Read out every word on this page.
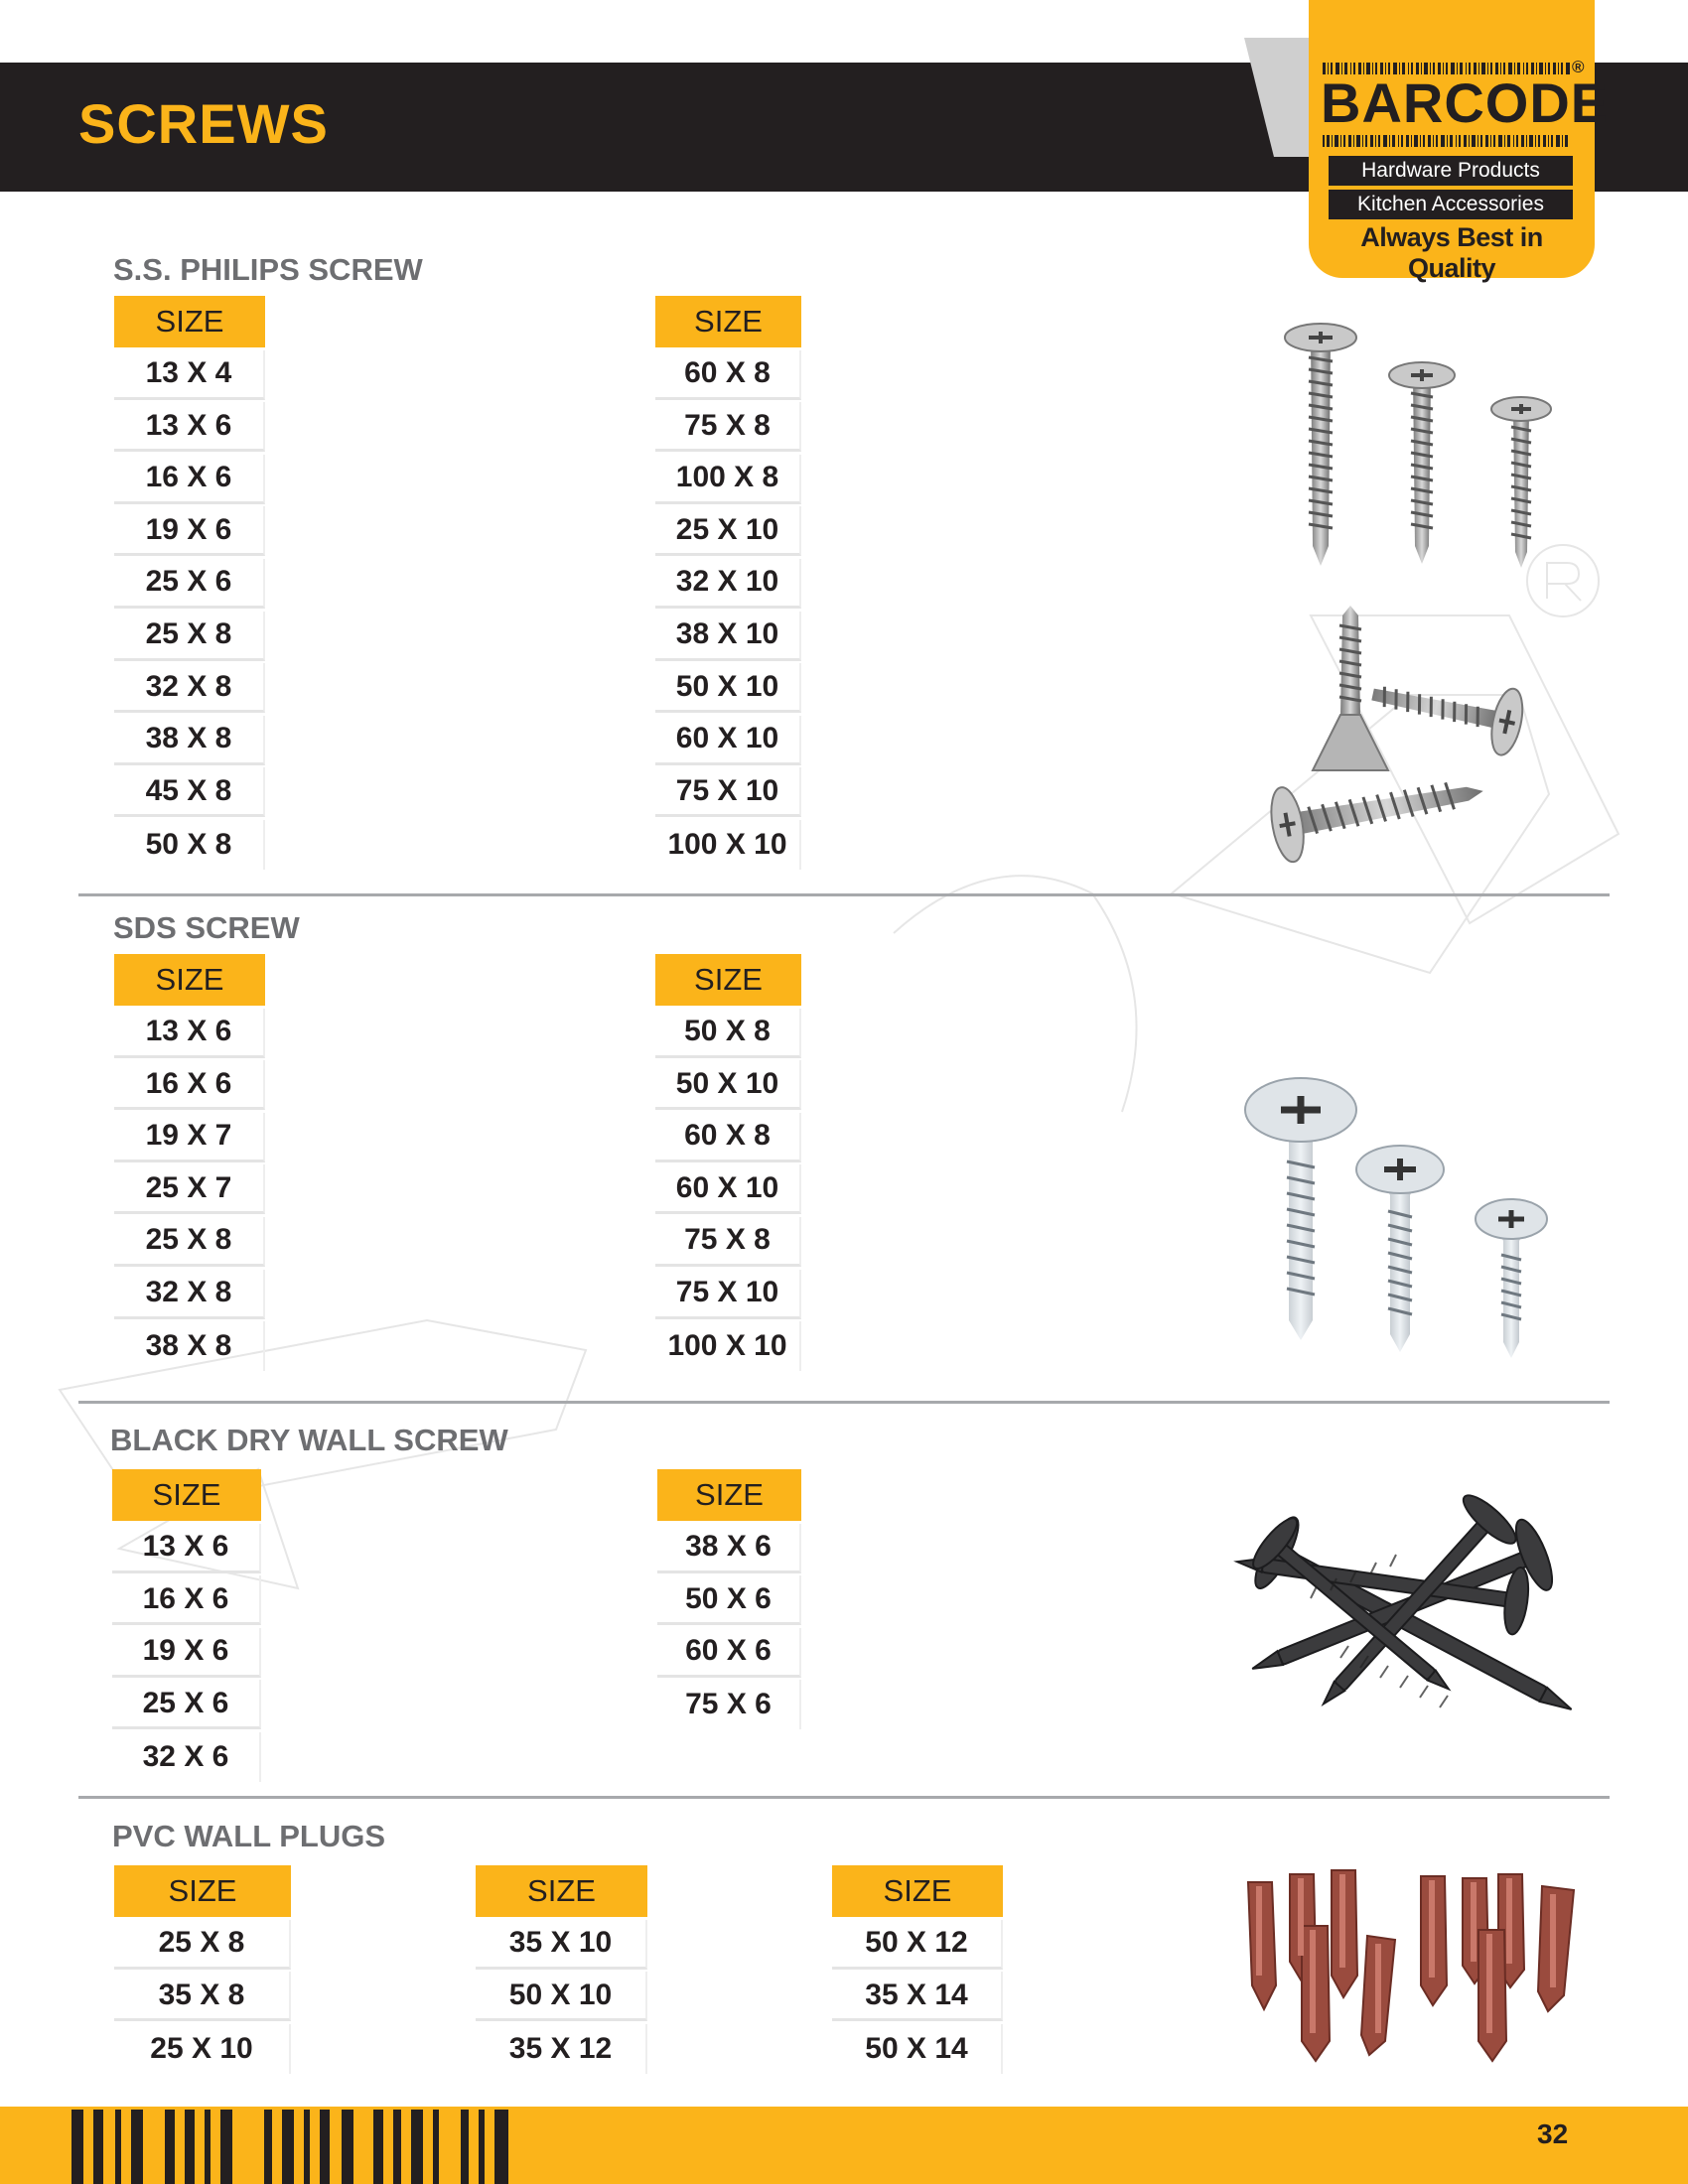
SCREWS
®
BARCODE
Hardware Products
Kitchen Accessories
Always Best in Quality
S.S. PHILIPS SCREW
SIZE
13 X 4
13 X 6
16 X 6
19 X 6
25 X 6
25 X 8
32 X 8
38 X 8
45 X 8
50 X 8
SIZE
60 X 8
75 X 8
100 X 8
25 X 10
32 X 10
38 X 10
50 X 10
60 X 10
75 X 10
100 X 10
SDS SCREW
SIZE
13 X 6
16 X 6
19 X 7
25 X 7
25 X 8
32 X 8
38 X 8
SIZE
50 X 8
50 X 10
60 X 8
60 X 10
75 X 8
75 X 10
100 X 10
BLACK DRY WALL SCREW
SIZE
13 X 6
16 X 6
19 X 6
25 X 6
32 X 6
SIZE
38 X 6
50 X 6
60 X 6
75 X 6
PVC WALL PLUGS
SIZE
25 X 8
35 X 8
25 X 10
SIZE
35 X 10
50 X 10
35 X 12
SIZE
50 X 12
35 X 14
50 X 14
32
